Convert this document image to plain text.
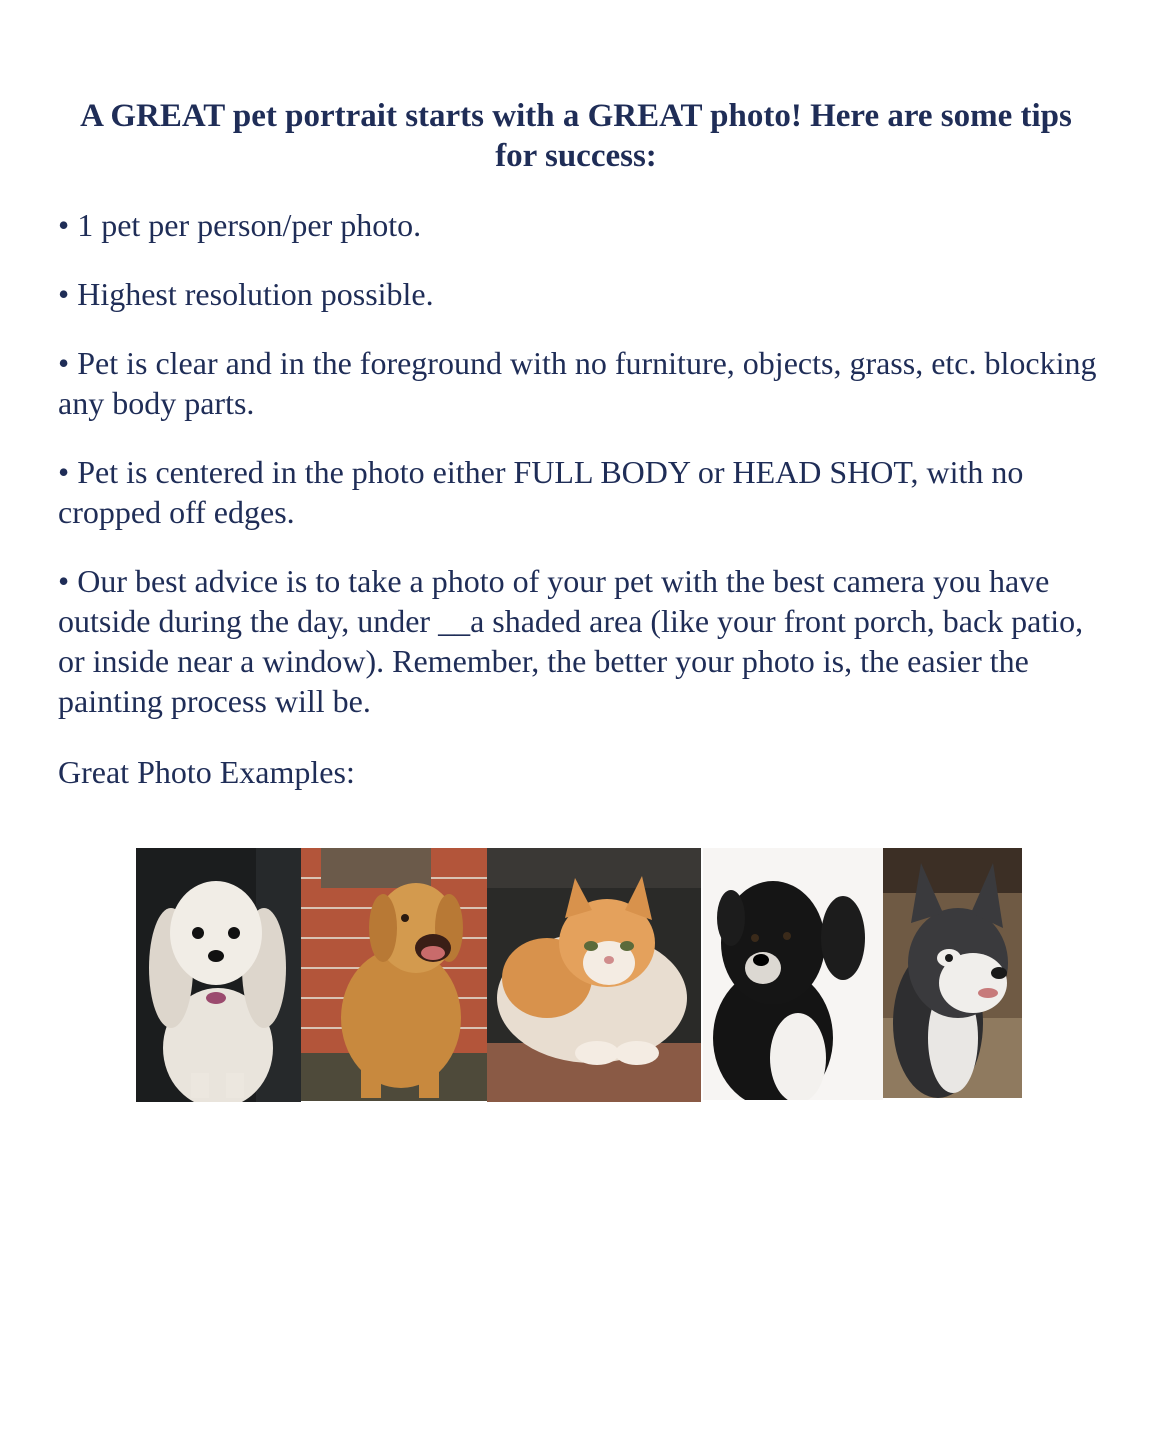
A GREAT pet portrait starts with a GREAT photo! Here are some tips for success:
• 1 pet per person/per photo.
• Highest resolution possible.
• Pet is clear and in the foreground with no furniture, objects, grass, etc. blocking any body parts.
• Pet is centered in the photo either FULL BODY or HEAD SHOT, with no cropped off edges.
• Our best advice is to take a photo of your pet with the best camera you have outside during the day, under __a shaded area (like your front porch, back patio, or inside near a window). Remember, the better your photo is, the easier the painting process will be.

Great Photo Examples:
